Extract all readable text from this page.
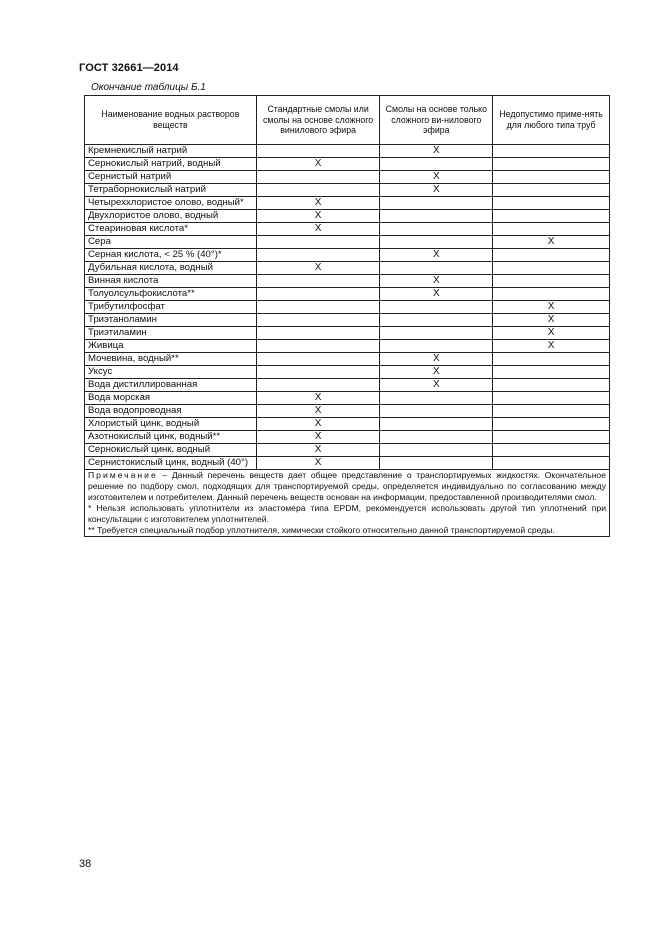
ГОСТ 32661—2014
Окончание таблицы Б.1
Наименование водных растворов веществ	Стандартные смолы или смолы на основе сложного винилового эфира	Смолы на основе только сложного ви-нилового эфира	Недопустимо приме-нять для любого типа труб
Кремнекислый натрий		X	
Сернокислый натрий, водный	X		
Сернистый натрий		X	
Тетраборнокислый натрий		X	
Четыреххлористое олово, водный*	X		
Двухлористое олово, водный	X		
Стеариновая кислота*	X		
Сера			X
Серная кислота, < 25 % (40°)*		X	
Дубильная кислота, водный	X		
Винная кислота		X	
Толуолсульфокислота**		X	
Трибутилфосфат			X
Триэтаноламин			X
Триэтиламин			X
Живица			X
Мочевина, водный**		X	
Уксус		X	
Вода дистиллированная		X	
Вода морская	X		
Вода водопроводная	X		
Хлористый цинк, водный	X		
Азотнокислый цинк, водный**	X		
Сернокислый цинк, водный	X		
Сернистокислый цинк, водный (40°)	X		

Примечание – Данный перечень веществ дает общее представление о транспортируемых жидкостях. Окончательное решение по подбору смол, подходящих для транспортируемой среды, определяется индивидуально по согласованию между изготовителем и потребителем. Данный перечень веществ основан на информации, предоставленной производителями смол.

* Нельзя использовать уплотнители из эластомера типа EPDM, рекомендуется использовать другой тип уплотнений при консультации с изготовителем уплотнителей.

** Требуется специальный подбор уплотнителя, химически стойкого относительно данной транспортируемой среды.			

38
